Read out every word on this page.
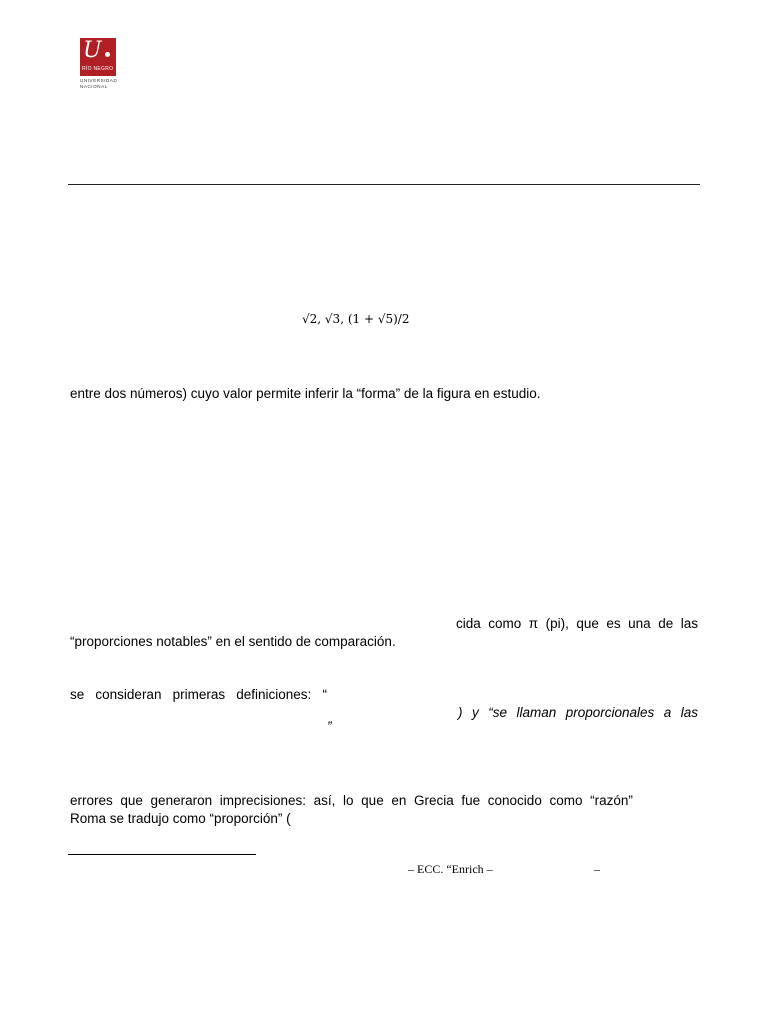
U
RÍO NEGRO
UNIVERSIDAD
NACIONAL
√2, √3, (1 + √5)/2
entre dos números) cuyo valor permite inferir la “forma” de la figura en estudio.
cida como π (pi), que es una de las
“proporciones notables” en el sentido de comparación.
se consideran primeras definiciones: “
) y “se llaman proporcionales a las
”
errores que generaron imprecisiones: así, lo que en Grecia fue conocido como “razón”
Roma se tradujo como “proporción” (
– ECC. “Enrich –	–
